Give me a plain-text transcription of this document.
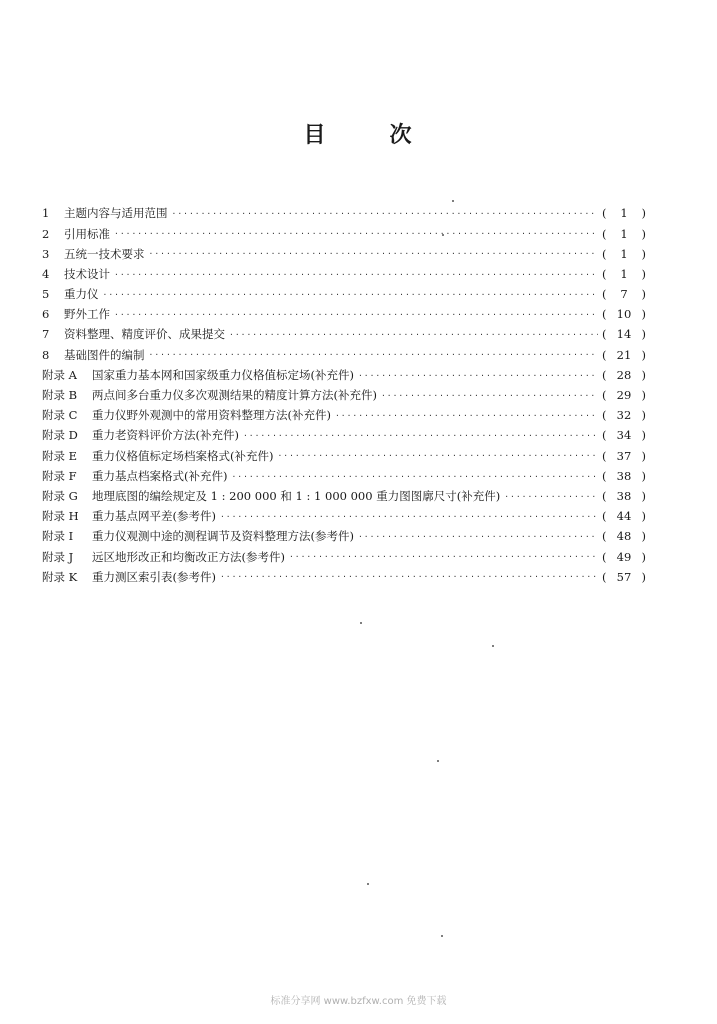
目	次
1	主题内容与适用范围 ·····	(	1	)
2	引用标准 ·····	(	1	)
3	五统一技术要求 ·····	(	1	)
4	技术设计 ·····	(	1	)
5	重力仪 ·····	(	7	)
6	野外工作 ·····	( 10 )
7	资料整理、精度评价、成果提交 ·····	( 14 )
8	基础图件的编制 ·····	( 21 )
附录 A	国家重力基本网和国家级重力仪格值标定场(补充件) ·····	( 28 )
附录 B	两点间多台重力仪多次观测结果的精度计算方法(补充件) ·····	( 29 )
附录 C	重力仪野外观测中的常用资料整理方法(补充件) ·····	( 32 )
附录 D	重力老资料评价方法(补充件) ·····	( 34 )
附录 E	重力仪格值标定场档案格式(补充件) ·····	( 37 )
附录 F	重力基点档案格式(补充件) ·····	( 38 )
附录 G	地理底图的编绘规定及 1 : 200 000 和 1 : 1 000 000 重力图图廓尺寸(补充件) ·····	( 38 )
附录 H	重力基点网平差(参考件) ·····	( 44 )
附录 I	重力仪观测中途的测程调节及资料整理方法(参考件) ·····	( 48 )
附录 J	远区地形改正和均衡改正方法(参考件) ·····	( 49 )
附录 K	重力测区索引表(参考件) ·····	( 57 )
标准分享网 www.bzfxw.com 免费下载
